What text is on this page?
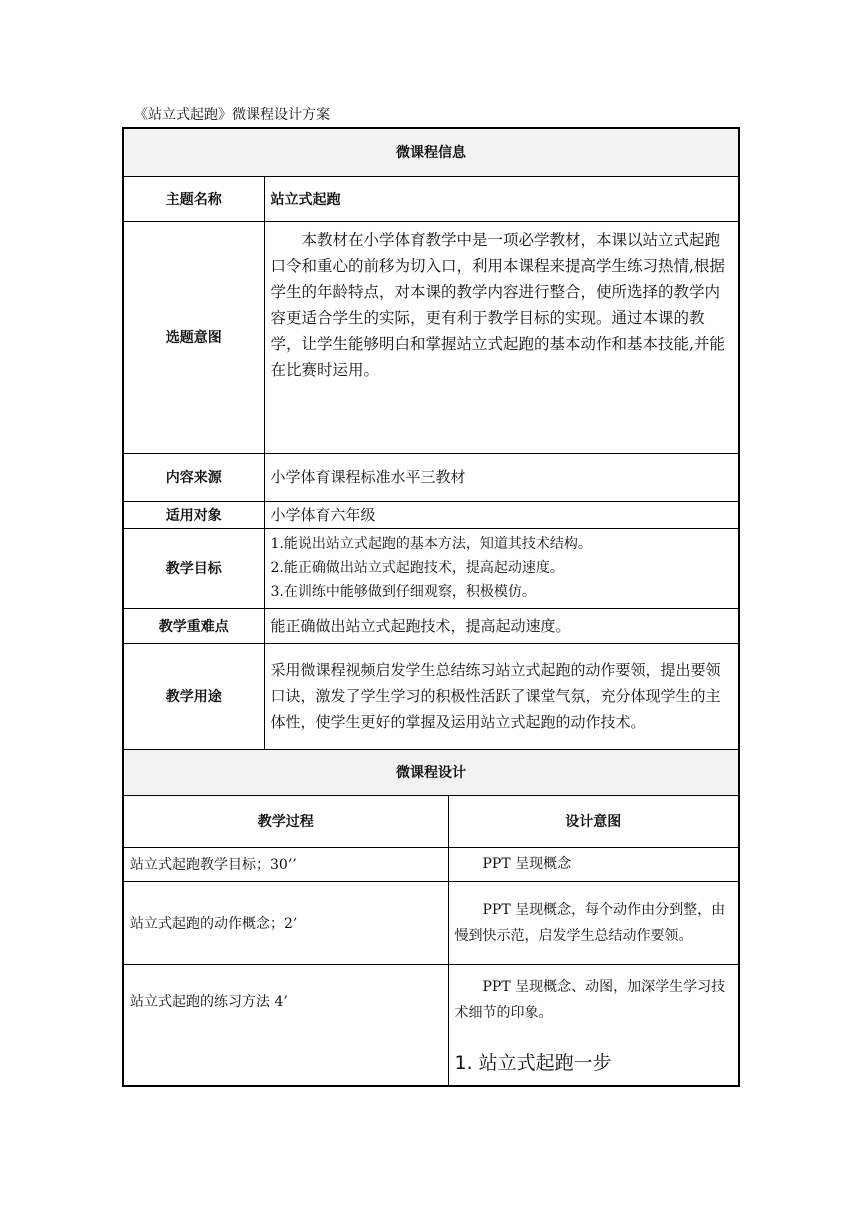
《站立式起跑》微课程设计方案
微课程信息		
主题名称	站立式起跑	
选题意图	本教材在小学体育教学中是一项必学教材，本课以站立式起跑口令和重心的前移为切入口，利用本课程来提高学生练习热情,根据学生的年龄特点，对本课的教学内容进行整合，使所选择的教学内容更适合学生的实际，更有利于教学目标的实现。通过本课的教学，让学生能够明白和掌握站立式起跑的基本动作和基本技能,并能在比赛时运用。	

内容来源	小学体育课程标准水平三教材	
适用对象	小学体育六年级	
教学目标	1.能说出站立式起跑的基本方法，知道其技术结构。
2.能正确做出站立式起跑技术，提高起动速度。
3.在训练中能够做到仔细观察，积极模仿。	

教学重难点	能正确做出站立式起跑技术，提高起动速度。	
教学用途	采用微课程视频启发学生总结练习站立式起跑的动作要领，提出要领口诀，激发了学生学习的积极性活跃了课堂气氛，充分体现学生的主体性，使学生更好的掌握及运用站立式起跑的动作技术。	
微课程设计		
教学过程		设计意图
站立式起跑教学目标；30’’		PPT 呈现概念
站立式起跑的动作概念；2’		PPT 呈现概念，每个动作由分到整，由慢到快示范，启发学生总结动作要领。
站立式起跑的练习方法 4’		PPT 呈现概念、动图，加深学生学习技术细节的印象。
1. 站立式起跑一步
